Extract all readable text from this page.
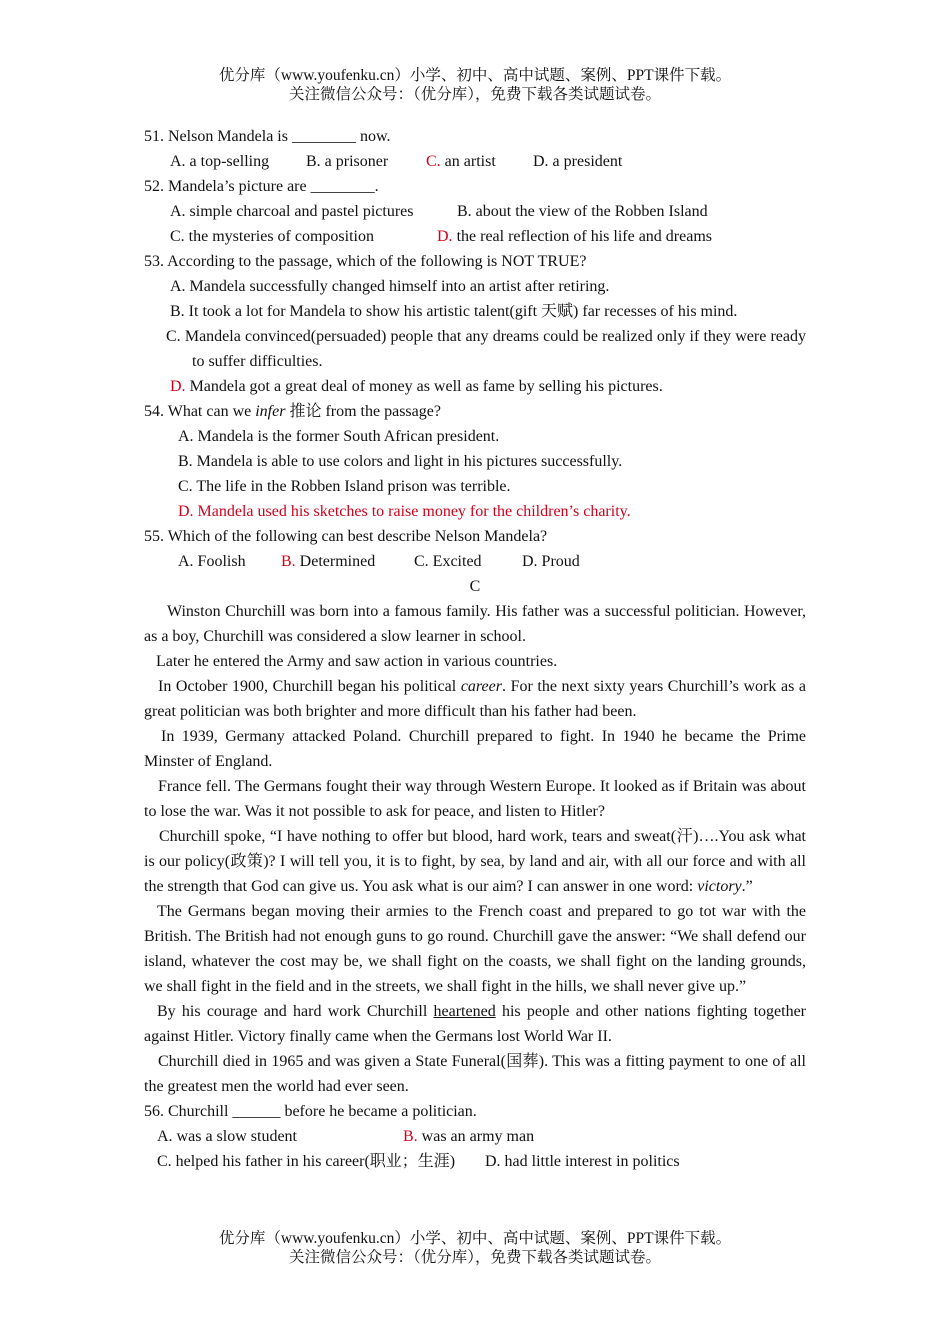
优分库（www.youfenku.cn）小学、初中、高中试题、案例、PPT课件下载。
关注微信公众号：（优分库），免费下载各类试题试卷。
51. Nelson Mandela is ________ now.
A. a top-selling B. a prisoner C. an artist D. a president
52. Mandela’s picture are ________.
A. simple charcoal and pastel pictures	B. about the view of the Robben Island
C. the mysteries of composition	D. the real reflection of his life and dreams
53. According to the passage, which of the following is NOT TRUE?
A. Mandela successfully changed himself into an artist after retiring.
B. It took a lot for Mandela to show his artistic talent(gift 天赋) far recesses of his mind.
C. Mandela convinced(persuaded) people that any dreams could be realized only if they were ready to suffer difficulties.
D. Mandela got a great deal of money as well as fame by selling his pictures.
54. What can we infer 推论 from the passage?
A. Mandela is the former South African president.
B. Mandela is able to use colors and light in his pictures successfully.
C. The life in the Robben Island prison was terrible.
D. Mandela used his sketches to raise money for the children’s charity.
55. Which of the following can best describe Nelson Mandela?
A. Foolish B. Determined C. Excited	D. Proud
C

Winston Churchill was born into a famous family. His father was a successful politician. However, as a boy, Churchill was considered a slow learner in school.

Later he entered the Army and saw action in various countries.

In October 1900, Churchill began his political career. For the next sixty years Churchill’s work as a great politician was both brighter and more difficult than his father had been.

In 1939, Germany attacked Poland. Churchill prepared to fight. In 1940 he became the Prime Minster of England.

France fell. The Germans fought their way through Western Europe. It looked as if Britain was about to lose the war. Was it not possible to ask for peace, and listen to Hitler?

Churchill spoke, “I have nothing to offer but blood, hard work, tears and sweat(汗)….You ask what is our policy(政策)? I will tell you, it is to fight, by sea, by land and air, with all our force and with all the strength that God can give us. You ask what is our aim? I can answer in one word: victory.”

The Germans began moving their armies to the French coast and prepared to go tot war with the British. The British had not enough guns to go round. Churchill gave the answer: “We shall defend our island, whatever the cost may be, we shall fight on the coasts, we shall fight on the landing grounds, we shall fight in the field and in the streets, we shall fight in the hills, we shall never give up.”

By his courage and hard work Churchill heartened his people and other nations fighting together against Hitler. Victory finally came when the Germans lost World War II.

Churchill died in 1965 and was given a State Funeral(国葬). This was a fitting payment to one of all the greatest men the world had ever seen.

56. Churchill ______ before he became a politician.
A. was a slow student	B. was an army man
C. helped his father in his career(职业；生涯) D. had little interest in politics
优分库（www.youfenku.cn）小学、初中、高中试题、案例、PPT课件下载。
关注微信公众号：（优分库），免费下载各类试题试卷。
